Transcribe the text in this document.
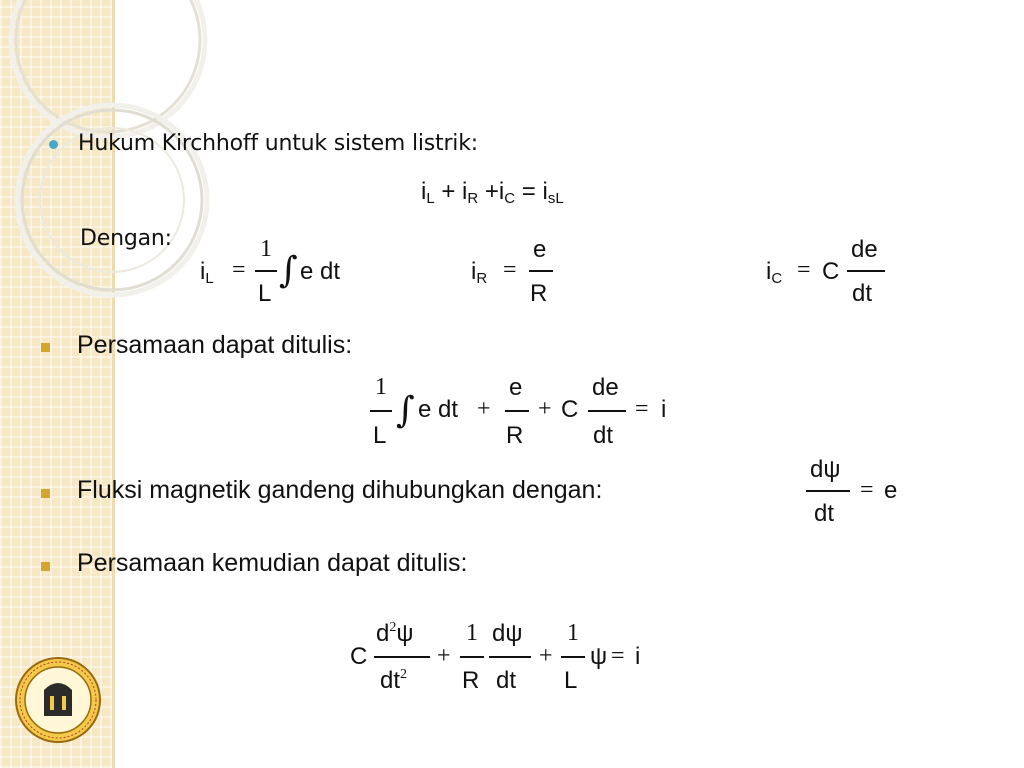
Hukum Kirchhoff untuk sistem listrik:
$i_L + i_R +i_C = i_{sL}$
Dengan:
$i_L$ =
1
L
∫ e dt	$i_R$ =
e
R
$i_C = C$
de
dt
Persamaan dapat ditulis:
1
L
∫ e dt +
e
R
+ C
de
dt
= i
Fluksi magnetik gandeng dihubungkan dengan:
dψ
dt
= e
Persamaan kemudian dapat ditulis:
C
$d^2\psi$
$dt^2$
+
1
R
dψ
dt
+
1
L
ψ = i
